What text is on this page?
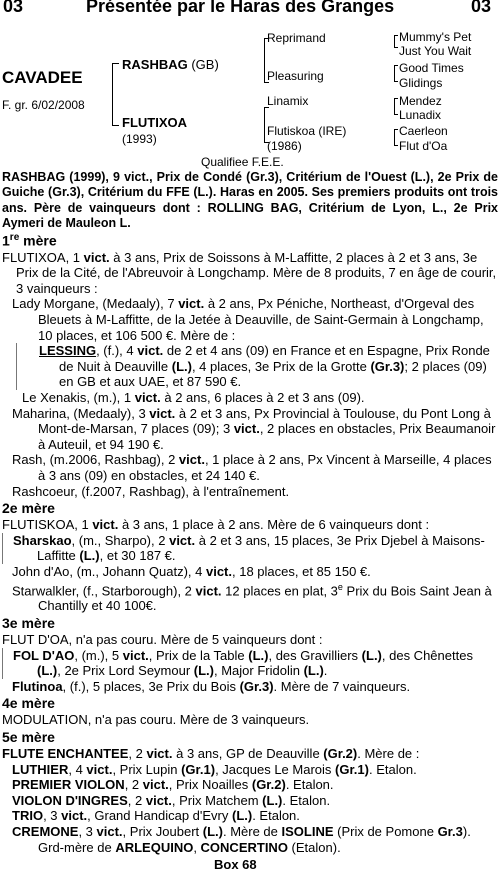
03	Présentée par le Haras des Granges	03
CAVADEE
F. gr. 6/02/2008
RASHBAG (GB)
FLUTIXOA
(1993)
Reprimand
Pleasuring
Linamix
Flutiskoa (IRE)
(1986)
Mummy's Pet
Just You Wait
Good Times
Glidings
Mendez
Lunadix
Caerleon
Flut d'Oa
Qualifiee F.E.E.
RASHBAG (1999), 9 vict., Prix de Condé (Gr.3), Critérium de l'Ouest (L.), 2e Prix de Guiche (Gr.3), Critérium du FFE (L.). Haras en 2005. Ses premiers produits ont trois ans. Père de vainqueurs dont : ROLLING BAG, Critérium de Lyon, L., 2e Prix Aymeri de Mauleon L.
1re mère

FLUTIXOA, 1 vict. à 3 ans, Prix de Soissons à M-Laffitte, 2 places à 2 et 3 ans, 3e Prix de la Cité, de l'Abreuvoir à Longchamp. Mère de 8 produits, 7 en âge de courir, 3 vainqueurs :

Lady Morgane, (Medaaly), 7 vict. à 2 ans, Px Péniche, Northeast, d'Orgeval des Bleuets à M-Laffitte, de la Jetée à Deauville, de Saint-Germain à Longchamp, 10 places, et 106 500 €. Mère de :

LESSING, (f.), 4 vict. de 2 et 4 ans (09) en France et en Espagne, Prix Ronde de Nuit à Deauville (L.), 4 places, 3e Prix de la Grotte (Gr.3); 2 places (09) en GB et aux UAE, et 87 590 €.

Le Xenakis, (m.), 1 vict. à 2 ans, 6 places à 2 et 3 ans (09).

Maharina, (Medaaly), 3 vict. à 2 et 3 ans, Px Provincial à Toulouse, du Pont Long à Mont-de-Marsan, 7 places (09); 3 vict., 2 places en obstacles, Prix Beaumanoir à Auteuil, et 94 190 €.

Rash, (m.2006, Rashbag), 2 vict., 1 place à 2 ans, Px Vincent à Marseille, 4 places à 3 ans (09) en obstacles, et 24 140 €.

Rashcoeur, (f.2007, Rashbag), à l'entraînement.

2e mère

FLUTISKOA, 1 vict. à 3 ans, 1 place à 2 ans. Mère de 6 vainqueurs dont :

Sharskao, (m., Sharpo), 2 vict. à 2 et 3 ans, 15 places, 3e Prix Djebel à Maisons-Laffitte (L.), et 30 187 €.

John d'Ao, (m., Johann Quatz), 4 vict., 18 places, et 85 150 €.

Starwalkler, (f., Starborough), 2 vict. 12 places en plat, 3e Prix du Bois Saint Jean à Chantilly et 40 100€.

3e mère

FLUT D'OA, n'a pas couru. Mère de 5 vainqueurs dont :

FOL D'AO, (m.), 5 vict., Prix de la Table (L.), des Gravilliers (L.), des Chênettes (L.), 2e Prix Lord Seymour (L.), Major Fridolin (L.).

Flutinoa, (f.), 5 places, 3e Prix du Bois (Gr.3). Mère de 7 vainqueurs.

4e mère

MODULATION, n'a pas couru. Mère de 3 vainqueurs.

5e mère

FLUTE ENCHANTEE, 2 vict. à 3 ans, GP de Deauville (Gr.2). Mère de :

LUTHIER, 4 vict., Prix Lupin (Gr.1), Jacques Le Marois (Gr.1). Etalon.

PREMIER VIOLON, 2 vict., Prix Noailles (Gr.2). Etalon.

VIOLON D'INGRES, 2 vict., Prix Matchem (L.). Etalon.

TRIO, 3 vict., Grand Handicap d'Evry (L.). Etalon.

CREMONE, 3 vict., Prix Joubert (L.). Mère de ISOLINE (Prix de Pomone Gr.3). Grd-mère de ARLEQUINO, CONCERTINO (Etalon).

Box 68
